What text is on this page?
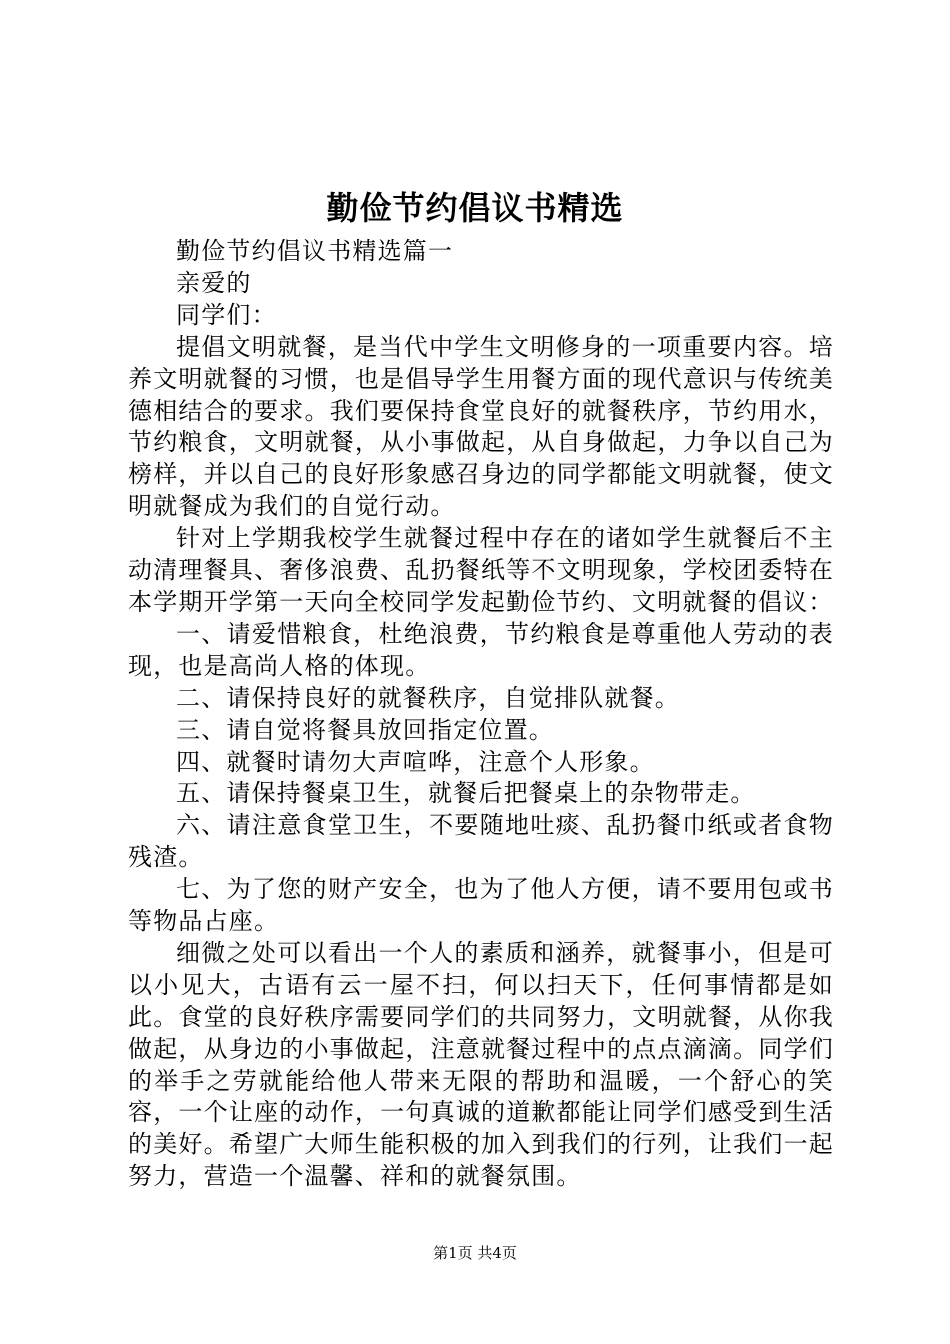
勤俭节约倡议书精选

勤俭节约倡议书精选篇一

亲爱的

同学们：

提倡文明就餐，是当代中学生文明修身的一项重要内容。培养文明就餐的习惯，也是倡导学生用餐方面的现代意识与传统美德相结合的要求。我们要保持食堂良好的就餐秩序，节约用水，节约粮食，文明就餐，从小事做起，从自身做起，力争以自己为榜样，并以自己的良好形象感召身边的同学都能文明就餐，使文明就餐成为我们的自觉行动。

针对上学期我校学生就餐过程中存在的诸如学生就餐后不主动清理餐具、奢侈浪费、乱扔餐纸等不文明现象，学校团委特在本学期开学第一天向全校同学发起勤俭节约、文明就餐的倡议：

一、请爱惜粮食，杜绝浪费，节约粮食是尊重他人劳动的表现，也是高尚人格的体现。

二、请保持良好的就餐秩序，自觉排队就餐。

三、请自觉将餐具放回指定位置。

四、就餐时请勿大声喧哗，注意个人形象。

五、请保持餐桌卫生，就餐后把餐桌上的杂物带走。

六、请注意食堂卫生，不要随地吐痰、乱扔餐巾纸或者食物残渣。

七、为了您的财产安全，也为了他人方便，请不要用包或书等物品占座。

细微之处可以看出一个人的素质和涵养，就餐事小，但是可以小见大，古语有云一屋不扫，何以扫天下，任何事情都是如此。食堂的良好秩序需要同学们的共同努力，文明就餐，从你我做起，从身边的小事做起，注意就餐过程中的点点滴滴。同学们的举手之劳就能给他人带来无限的帮助和温暖，一个舒心的笑容，一个让座的动作，一句真诚的道歉都能让同学们感受到生活的美好。希望广大师生能积极的加入到我们的行列，让我们一起努力，营造一个温馨、祥和的就餐氛围。

第1页 共4页
